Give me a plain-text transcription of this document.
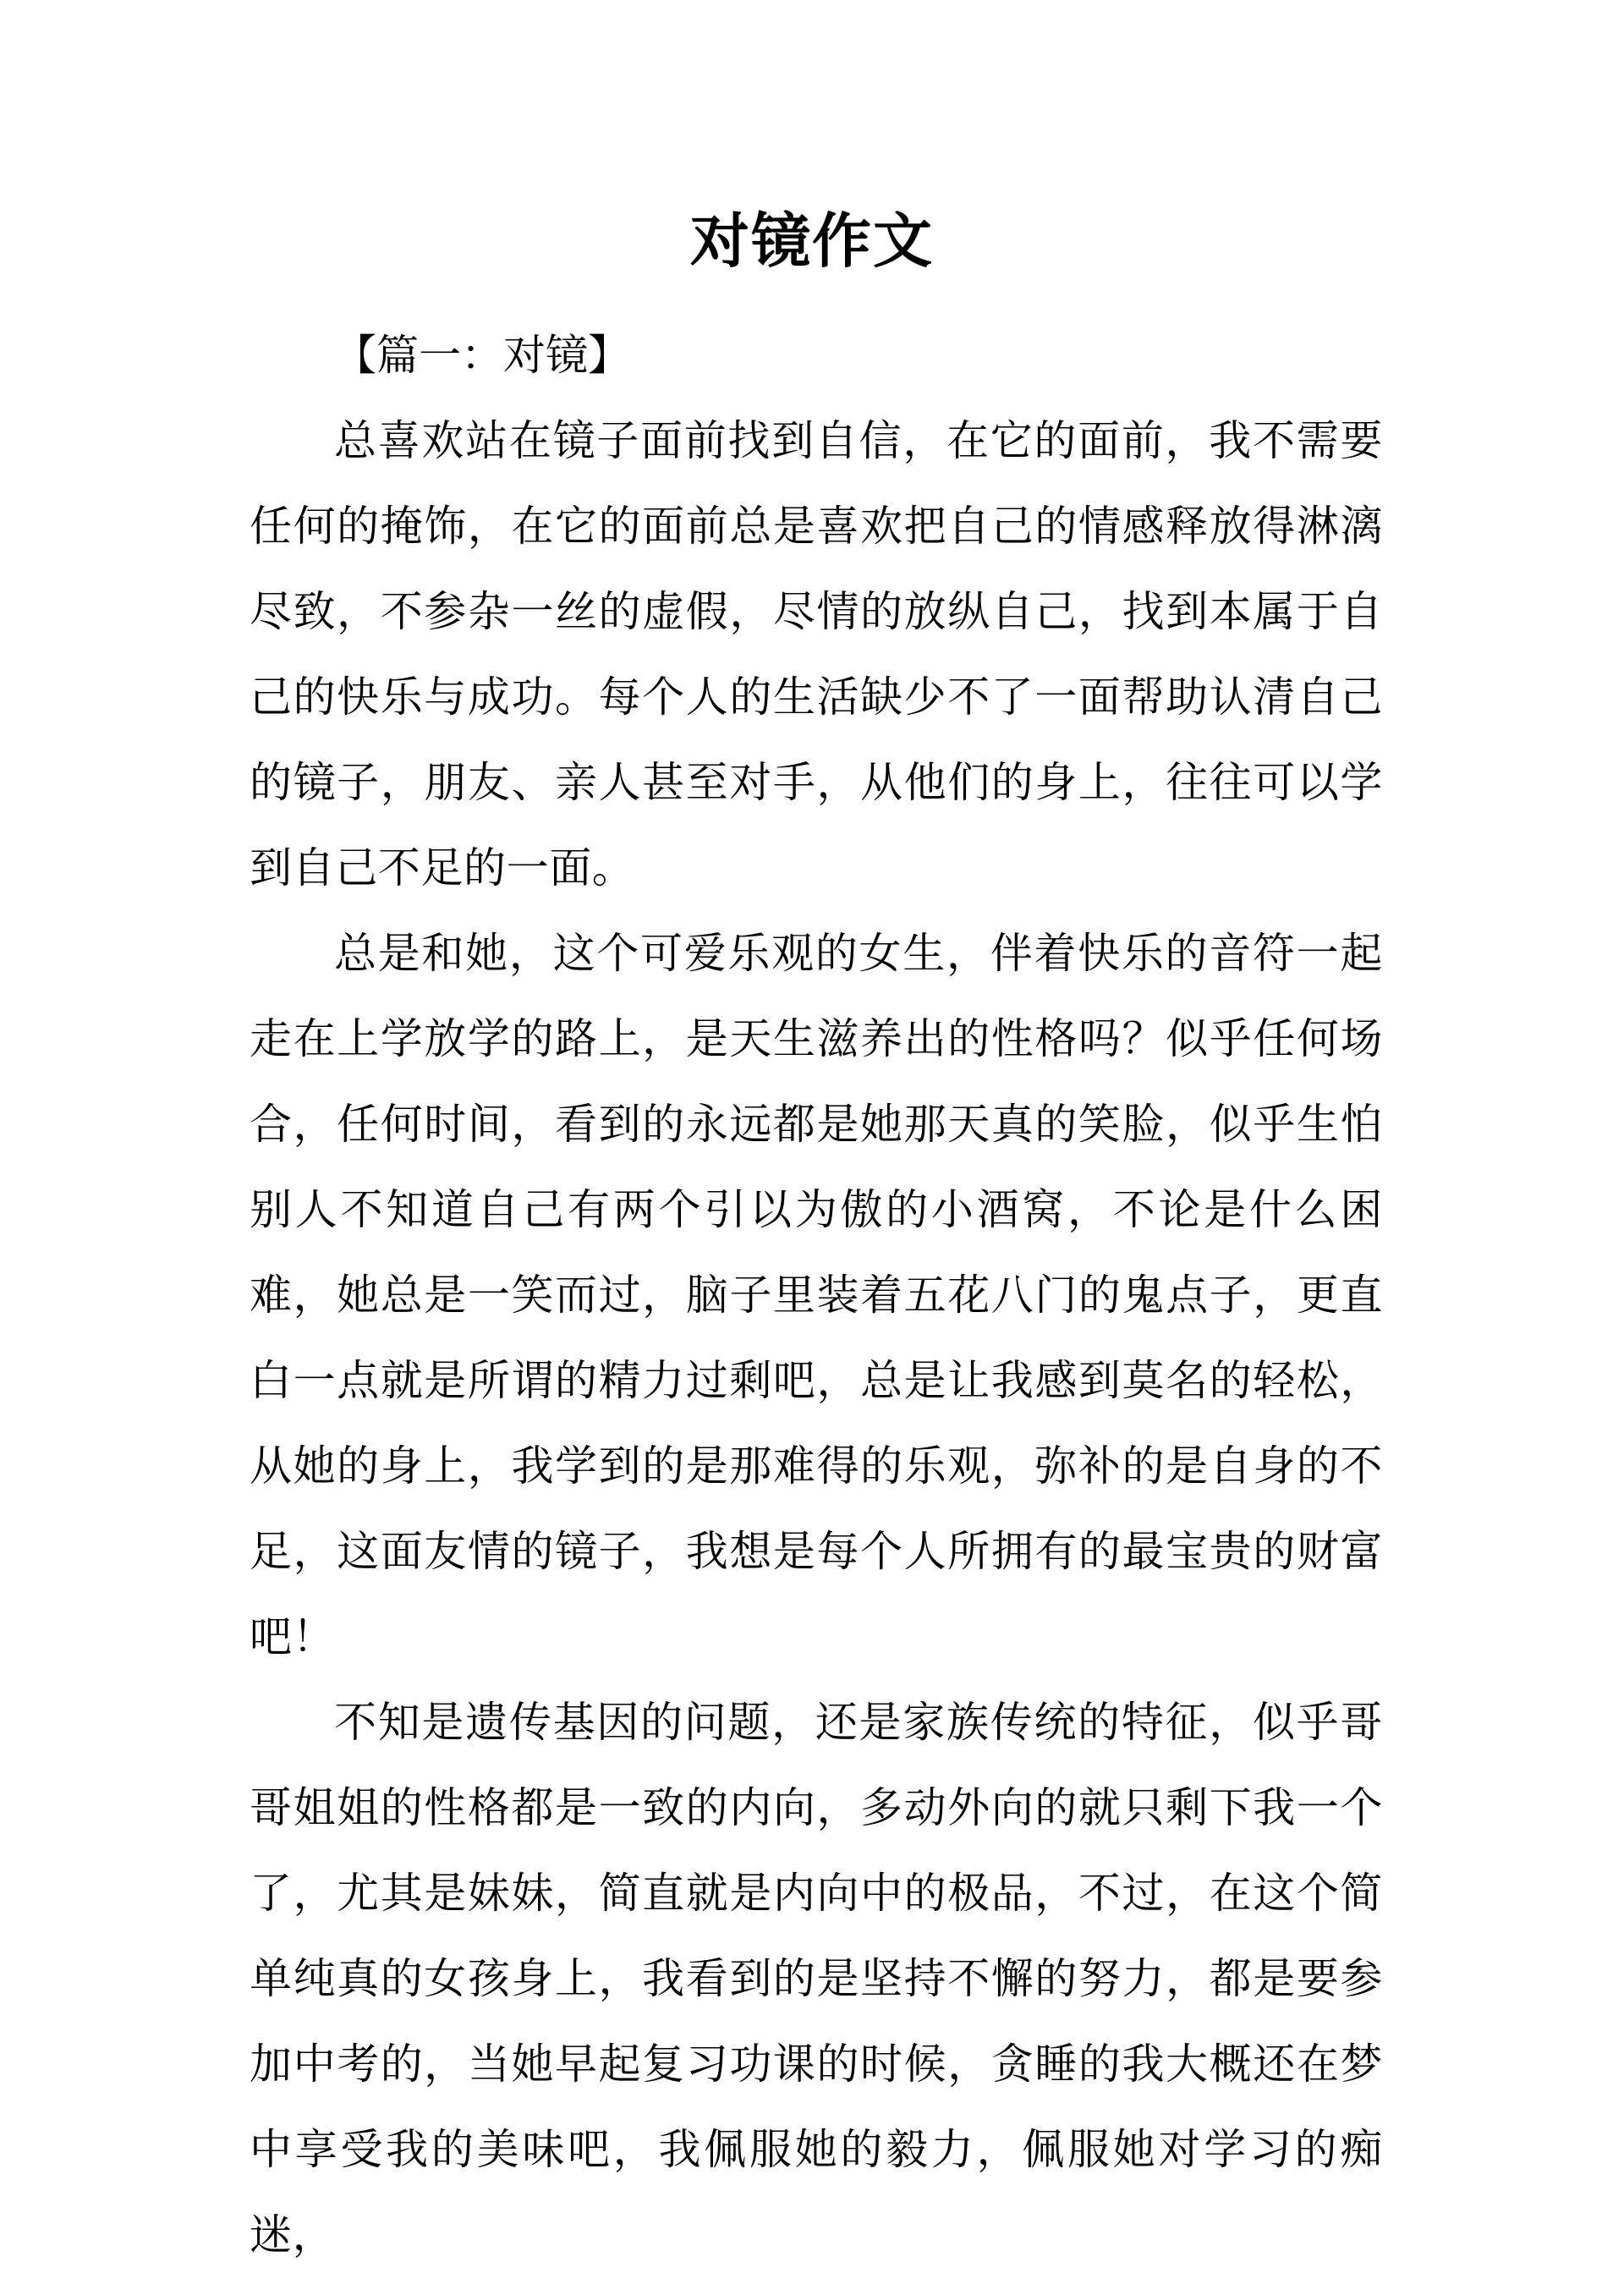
对镜作文

【篇一：对镜】

总喜欢站在镜子面前找到自信，在它的面前，我不需要任何的掩饰，在它的面前总是喜欢把自己的情感释放得淋漓尽致，不参杂一丝的虚假，尽情的放纵自己，找到本属于自己的快乐与成功。每个人的生活缺少不了一面帮助认清自己的镜子，朋友、亲人甚至对手，从他们的身上，往往可以学到自己不足的一面。

总是和她，这个可爱乐观的女生，伴着快乐的音符一起走在上学放学的路上，是天生滋养出的性格吗？似乎任何场合，任何时间，看到的永远都是她那天真的笑脸，似乎生怕别人不知道自己有两个引以为傲的小酒窝，不论是什么困难，她总是一笑而过，脑子里装着五花八门的鬼点子，更直白一点就是所谓的精力过剩吧，总是让我感到莫名的轻松，从她的身上，我学到的是那难得的乐观，弥补的是自身的不足，这面友情的镜子，我想是每个人所拥有的最宝贵的财富吧！

不知是遗传基因的问题，还是家族传统的特征，似乎哥哥姐姐的性格都是一致的内向，多动外向的就只剩下我一个了，尤其是妹妹，简直就是内向中的极品，不过，在这个简单纯真的女孩身上，我看到的是坚持不懈的努力，都是要参加中考的，当她早起复习功课的时候，贪睡的我大概还在梦中享受我的美味吧，我佩服她的毅力，佩服她对学习的痴迷，
